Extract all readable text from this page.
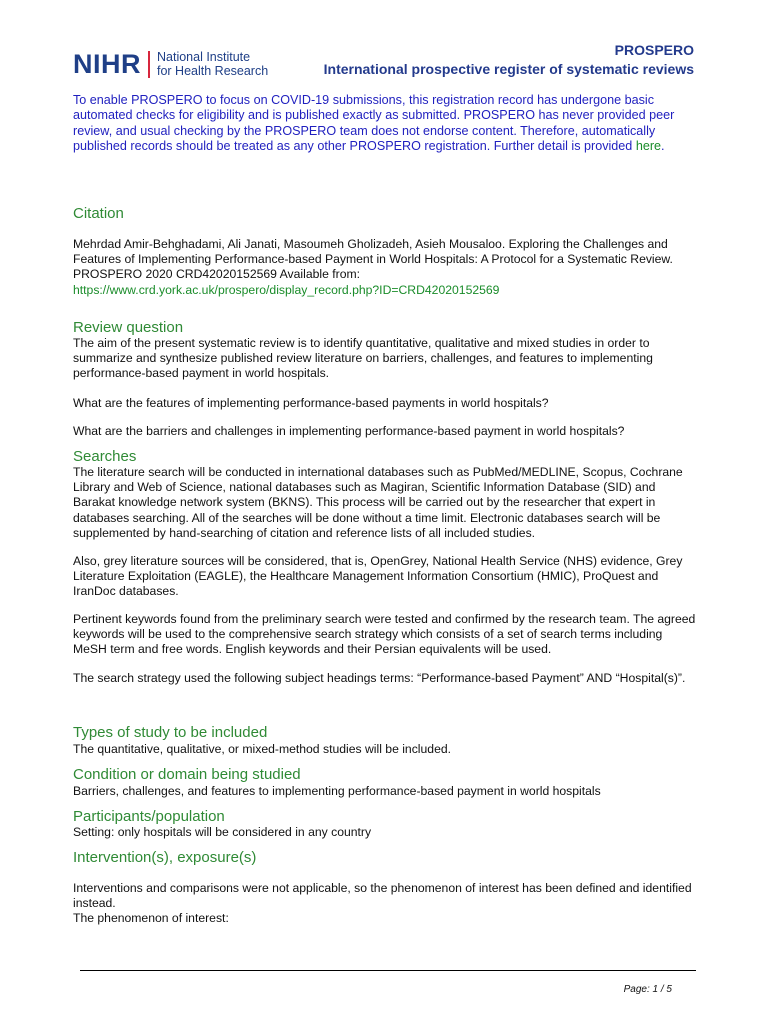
NIHR National Institute
for Health Research
PROSPERO
International prospective register of systematic reviews
To enable PROSPERO to focus on COVID-19 submissions, this registration record has undergone basic automated checks for eligibility and is published exactly as submitted. PROSPERO has never provided peer review, and usual checking by the PROSPERO team does not endorse content. Therefore, automatically published records should be treated as any other PROSPERO registration. Further detail is provided here.
Citation
Mehrdad Amir-Behghadami, Ali Janati, Masoumeh Gholizadeh, Asieh Mousaloo. Exploring the Challenges and Features of Implementing Performance-based Payment in World Hospitals: A Protocol for a Systematic Review. PROSPERO 2020 CRD42020152569 Available from:
https://www.crd.york.ac.uk/prospero/display_record.php?ID=CRD42020152569
Review question
The aim of the present systematic review is to identify quantitative, qualitative and mixed studies in order to summarize and synthesize published review literature on barriers, challenges, and features to implementing performance-based payment in world hospitals.
What are the features of implementing performance-based payments in world hospitals?
What are the barriers and challenges in implementing performance-based payment in world hospitals?
Searches
The literature search will be conducted in international databases such as PubMed/MEDLINE, Scopus, Cochrane Library and Web of Science, national databases such as Magiran, Scientific Information Database (SID) and Barakat knowledge network system (BKNS). This process will be carried out by the researcher that expert in databases searching. All of the searches will be done without a time limit. Electronic databases search will be supplemented by hand-searching of citation and reference lists of all included studies.
Also, grey literature sources will be considered, that is, OpenGrey, National Health Service (NHS) evidence, Grey Literature Exploitation (EAGLE), the Healthcare Management Information Consortium (HMIC), ProQuest and IranDoc databases.
Pertinent keywords found from the preliminary search were tested and confirmed by the research team. The agreed keywords will be used to the comprehensive search strategy which consists of a set of search terms including MeSH term and free words. English keywords and their Persian equivalents will be used.
The search strategy used the following subject headings terms: “Performance-based Payment” AND “Hospital(s)”.
Types of study to be included
The quantitative, qualitative, or mixed-method studies will be included.
Condition or domain being studied
Barriers, challenges, and features to implementing performance-based payment in world hospitals
Participants/population
Setting: only hospitals will be considered in any country
Intervention(s), exposure(s)
Interventions and comparisons were not applicable, so the phenomenon of interest has been defined and identified instead.
The phenomenon of interest:
Page: 1 / 5
